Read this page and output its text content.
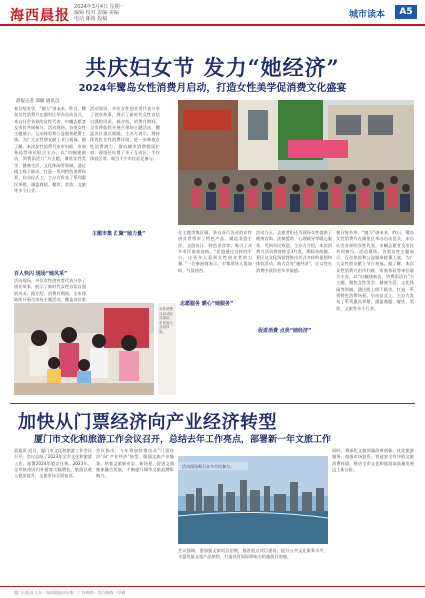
海西晨报
2024年3月4日 星期一
编辑·校对 责编·美编
电话 邮箱 投稿	城市读本	A5
共庆妇女节 发力“她经济”
2024年鹭岛女性消费月启动，打造女性美学促消费文化盛宴
晨报记者 邵颖 通讯员
春日绽芳华，“她力”创未来。昨日，鹭岛女性消费月在湖里区举办启动仪式，来自社会各界的女性代表、巾帼志愿者及市民共同参与。活动现场，各类女性主题展示、互动体验和公益服务轮番上演，为广大女性朋友献上节日祝福。据了解，本次女性消费月由市妇联、市商务局等单位联合主办，以“巾帼建新功、消费添活力”为主题，聚焦女性美学、健康生活、文化休闲等领域，通过线上线下联动，打造一系列特色消费场景。启动仪式上，主办方发布了系列惠民举措，涵盖商超、餐饮、美妆、文旅等多个行业。
百人快闪 现场“她风采”
活动现场，多位女性创业者代表分享了创业故事，展示了新时代女性自信自强的风采。据介绍，消费月期间，全市将陆续开展百余场主题活动，覆盖各区重
活动现场，多位女性创业者代表分享了创业故事，展示了新时代女性自信自强的风采。据介绍，消费月期间，全市将陆续开展百余场主题活动，覆盖各区重点商圈。主办方表示，将持续优化女性消费环境，进一步释放女性消费潜力，推动城市消费提质扩容。现场还设置了亲子互动区、手作体验区等，吸引不少市民驻足参与。
主题市集 汇聚“她力量”	在主题市集区域，来自各行各业的女性创业者带来了特色产品，涵盖非遗手作、文创设计、特色美食等，吸引了众多市民前来选购。“希望通过这样的平台，让更多人看到女性创业者的力量。”一位参展商表示。市集现场人流如织，气氛热烈。
志愿服务 暖心“她服务”
活动当天，志愿者们还为现场女性提供了健康咨询、法律援助、心理疏导等暖心服务，受到市民欢迎。主办方介绍，本次消费月活动将持续至3月底，期间各商圈、景区及文化场馆将推出形式多样的促销和体验活动，助力点亮“她经济”，让女性在消费中获得更多幸福感。
促进消费 点亮“她经济”
春日绽芳华，“她力”创未来。昨日，鹭岛女性消费月在湖里区举办启动仪式，来自社会各界的女性代表、巾帼志愿者及市民共同参与。活动现场，各类女性主题展示、互动体验和公益服务轮番上演，为广大女性朋友献上节日祝福。据了解，本次女性消费月由市妇联、市商务局等单位联合主办，以“巾帼建新功、消费添活力”为主题，聚焦女性美学、健康生活、文化休闲等领域，通过线上线下联动，打造一系列特色消费场景。启动仪式上，主办方发布了系列惠民举措，涵盖商超、餐饮、美妆、文旅等多个行业。
女性消费月启动仪式现场，市民参与互动体验。
加快从门票经济向产业经济转型
厦门市文化和旅游工作会议召开，总结去年工作亮点，部署新一年文旅工作
晨报讯 近日，厦门市文化和旅游工作会议召开。会议总结了2023年全市文化和旅游工作，部署2024年重点任务。2023年，全市接待国内外游客大幅增长，旅游总收入稳步提升，文旅市场全面复苏。
会议指出，今年将加快推动从“门票经济”向“产业经济”转型，做强文旅产业链条，培育文旅新业态、新场景，促进文商旅体融合发展，不断提升城市文旅品牌影响力。
活动现场吸引众多市民参与。
会议强调，要加强文旅项目招商，推进重点项目建设，提升公共文化服务水平，丰富优质文旅产品供给，打造具有国际影响力的旅游目的地。
同时，将深化文旅领域改革创新，优化旅游服务，加强市场监管，营造安全有序的文旅消费环境，推动全市文化和旅游高质量发展迈上新台阶。
厦门日报社主办 · 海西晨报社出版 · 广告热线 · 发行热线 · 印刷
